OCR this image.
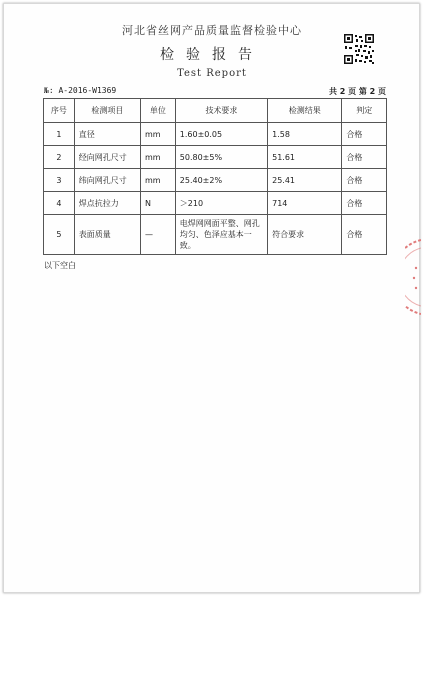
河北省丝网产品质量监督检验中心
检验报告
Test Report
№: A-2016-W1369	共 2 页 第 2 页
序号	检测项目	单位	技术要求	检测结果	判定
1	直径	mm	1.60±0.05	1.58	合格
2	经向网孔尺寸	mm	50.80±5%	51.61	合格
3	纬向网孔尺寸	mm	25.40±2%	25.41	合格
4	焊点抗拉力	N	＞210	714	合格
5	表面质量	—	电焊网网面平整、网孔均匀、色泽应基本一致。	符合要求	合格
以下空白
